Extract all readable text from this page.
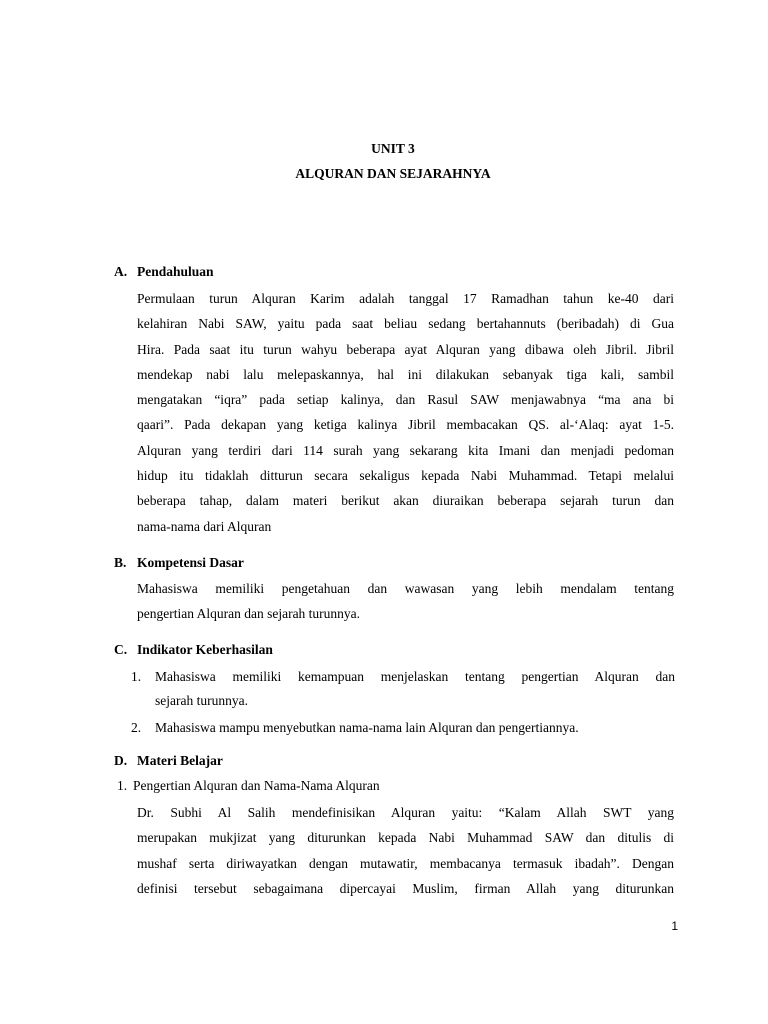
UNIT 3
ALQURAN DAN SEJARAHNYA
A. Pendahuluan
Permulaan turun Alquran Karim adalah tanggal 17 Ramadhan tahun ke-40 dari
kelahiran Nabi SAW, yaitu pada saat beliau sedang bertahannuts (beribadah) di Gua
Hira. Pada saat itu turun wahyu beberapa ayat Alquran yang dibawa oleh Jibril. Jibril
mendekap nabi lalu melepaskannya, hal ini dilakukan sebanyak tiga kali, sambil
mengatakan “iqra” pada setiap kalinya, dan Rasul SAW menjawabnya “ma ana bi
qaari”. Pada dekapan yang ketiga kalinya Jibril membacakan QS. al-‘Alaq: ayat 1-5.
Alquran yang terdiri dari 114 surah yang sekarang kita Imani dan menjadi pedoman
hidup itu tidaklah ditturun secara sekaligus kepada Nabi Muhammad. Tetapi melalui
beberapa tahap, dalam materi berikut akan diuraikan beberapa sejarah turun dan
nama-nama dari Alquran
B. Kompetensi Dasar
Mahasiswa memiliki pengetahuan dan wawasan yang lebih mendalam tentang
pengertian Alquran dan sejarah turunnya.
C. Indikator Keberhasilan
1.	Mahasiswa memiliki kemampuan menjelaskan tentang pengertian Alquran dan
sejarah turunnya.
2.	Mahasiswa mampu menyebutkan nama-nama lain Alquran dan pengertiannya.
D. Materi Belajar
1. Pengertian Alquran dan Nama-Nama Alquran
Dr. Subhi Al Salih mendefinisikan Alquran yaitu: “Kalam Allah SWT yang
merupakan mukjizat yang diturunkan kepada Nabi Muhammad SAW dan ditulis di
mushaf serta diriwayatkan dengan mutawatir, membacanya termasuk ibadah”. Dengan
definisi tersebut sebagaimana dipercayai Muslim, firman Allah yang diturunkan
1
